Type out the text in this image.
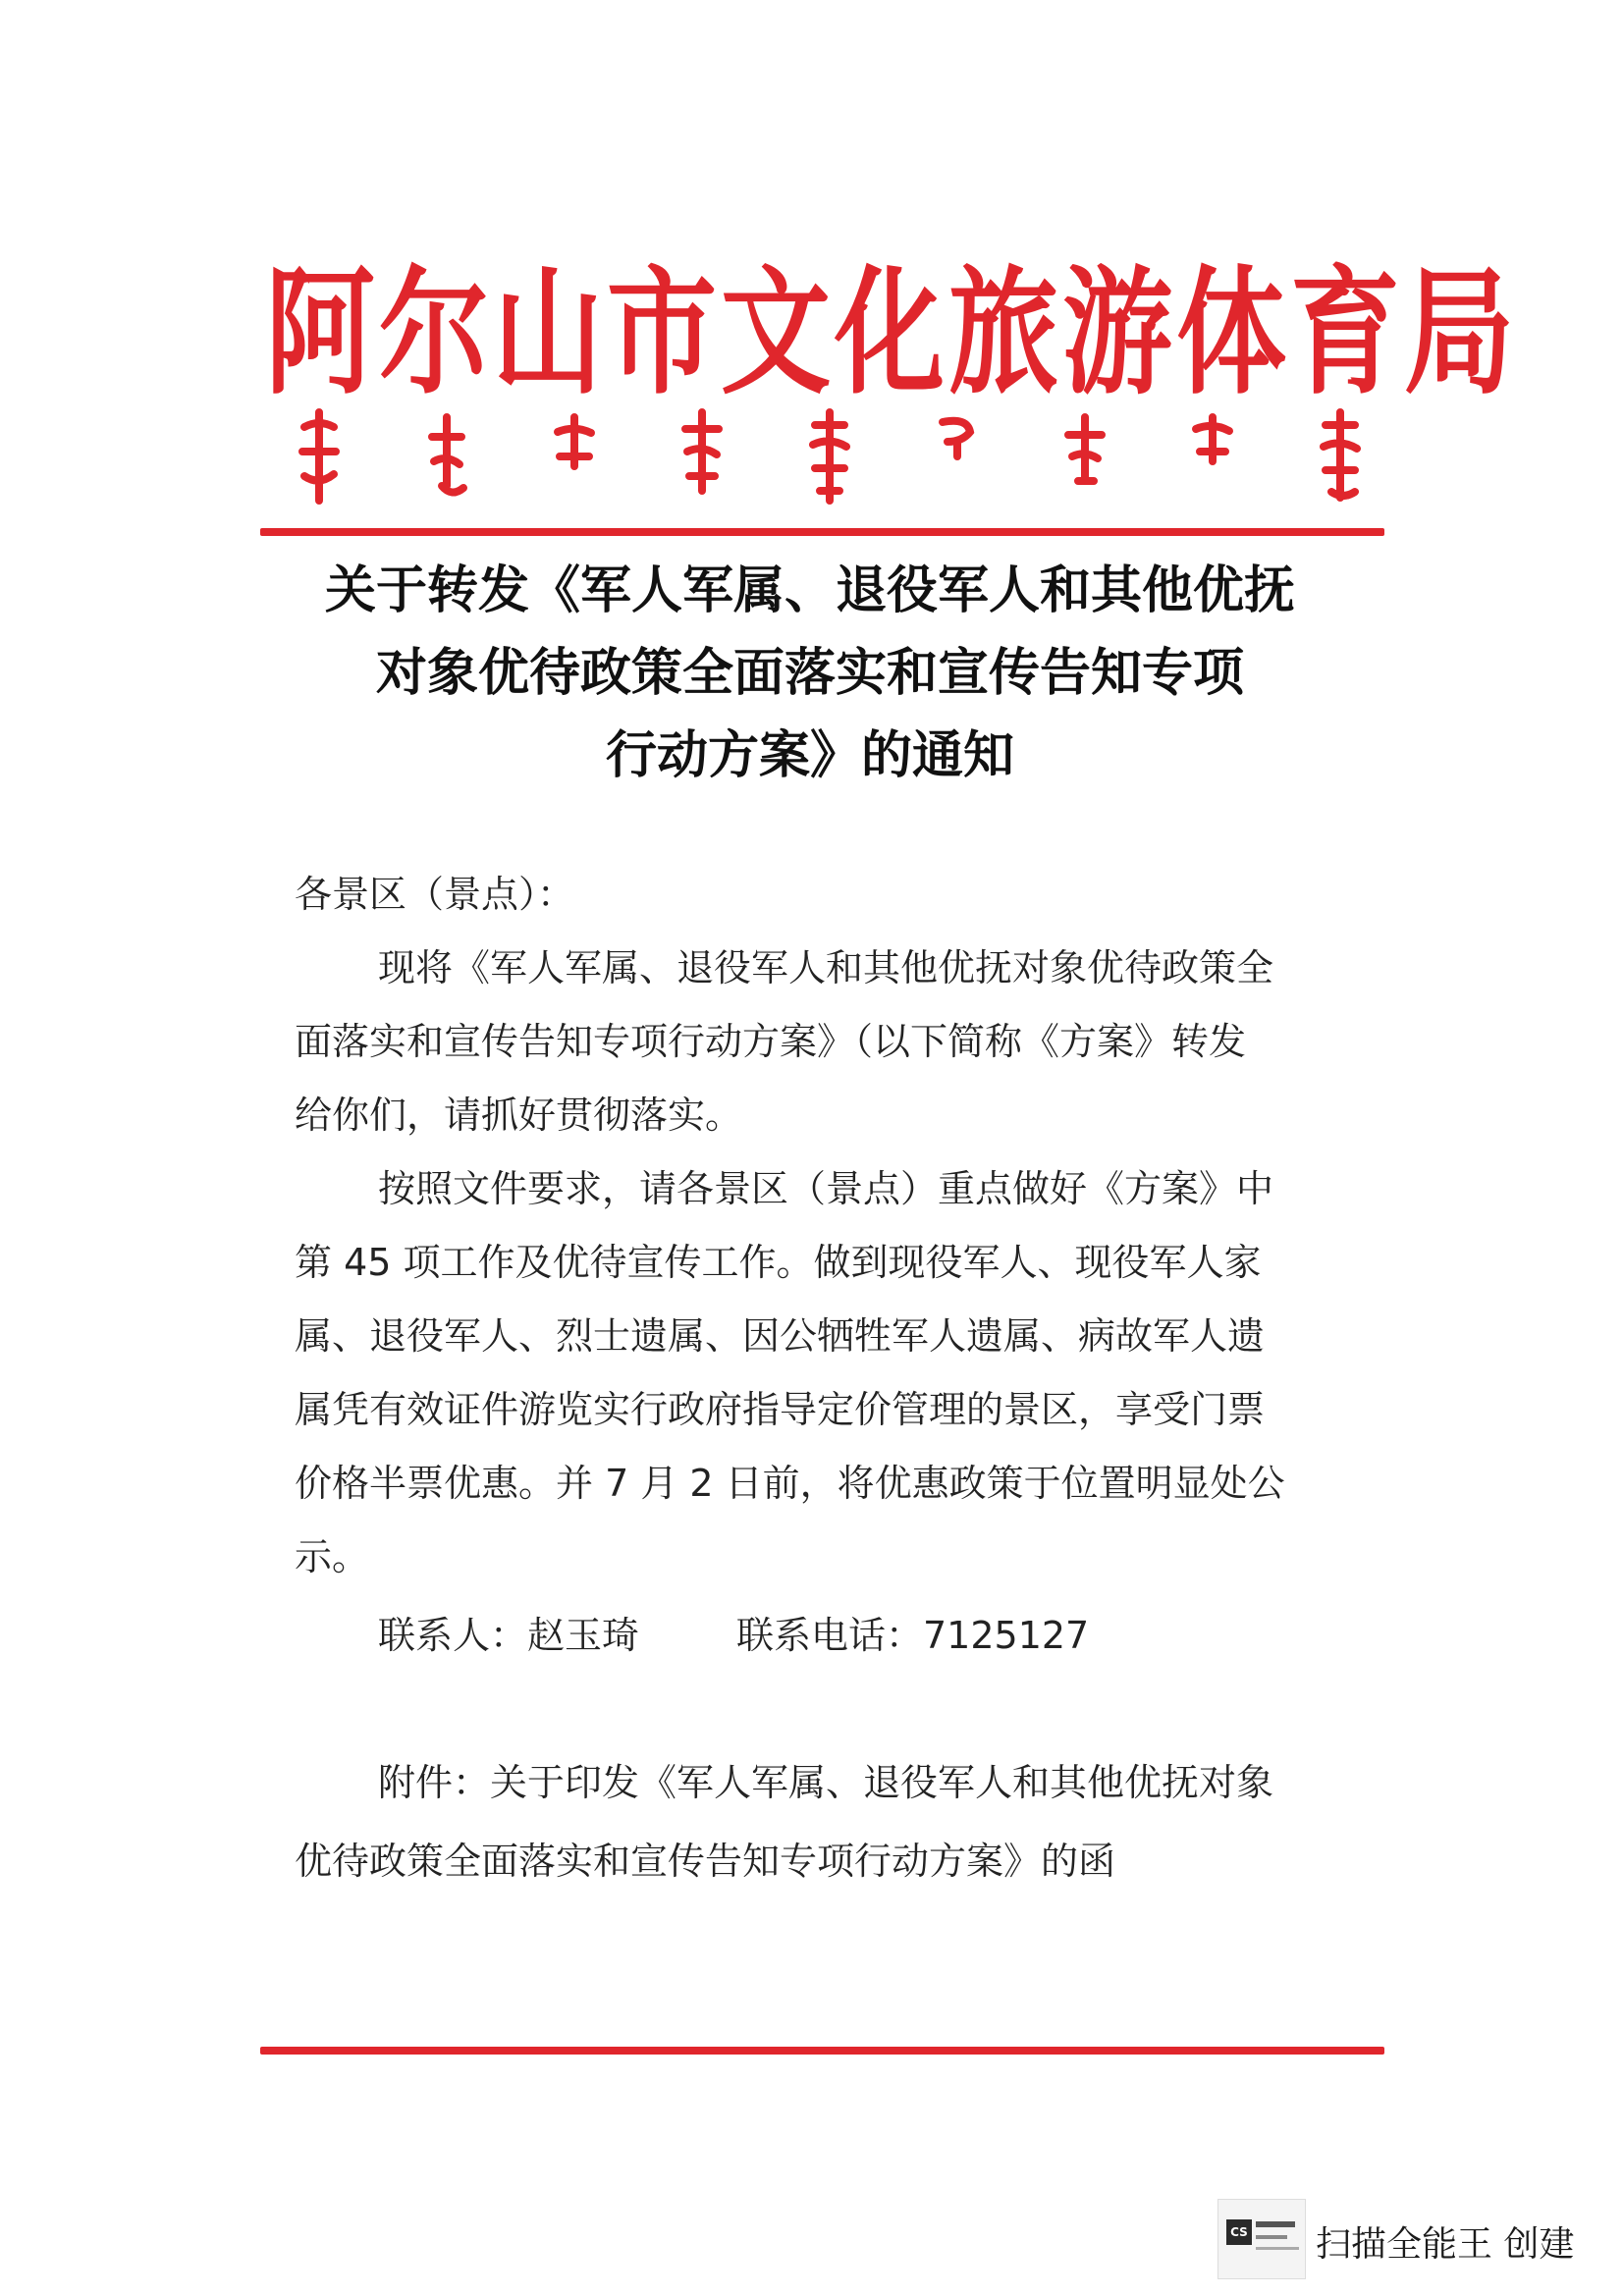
阿尔山市文化旅游体育局
关于转发《军人军属、退役军人和其他优抚
对象优待政策全面落实和宣传告知专项
行动方案》的通知
各景区（景点）：
现将《军人军属、退役军人和其他优抚对象优待政策全
面落实和宣传告知专项行动方案》（以下简称《方案》转发
给你们，请抓好贯彻落实。
按照文件要求，请各景区（景点）重点做好《方案》中
第 45 项工作及优待宣传工作。做到现役军人、现役军人家
属、退役军人、烈士遗属、因公牺牲军人遗属、病故军人遗
属凭有效证件游览实行政府指导定价管理的景区，享受门票
价格半票优惠。并 7 月 2 日前，将优惠政策于位置明显处公
示。
联系人：赵玉琦	联系电话：7125127
附件：关于印发《军人军属、退役军人和其他优抚对象
优待政策全面落实和宣传告知专项行动方案》的函
CS 扫描全能王 创建
